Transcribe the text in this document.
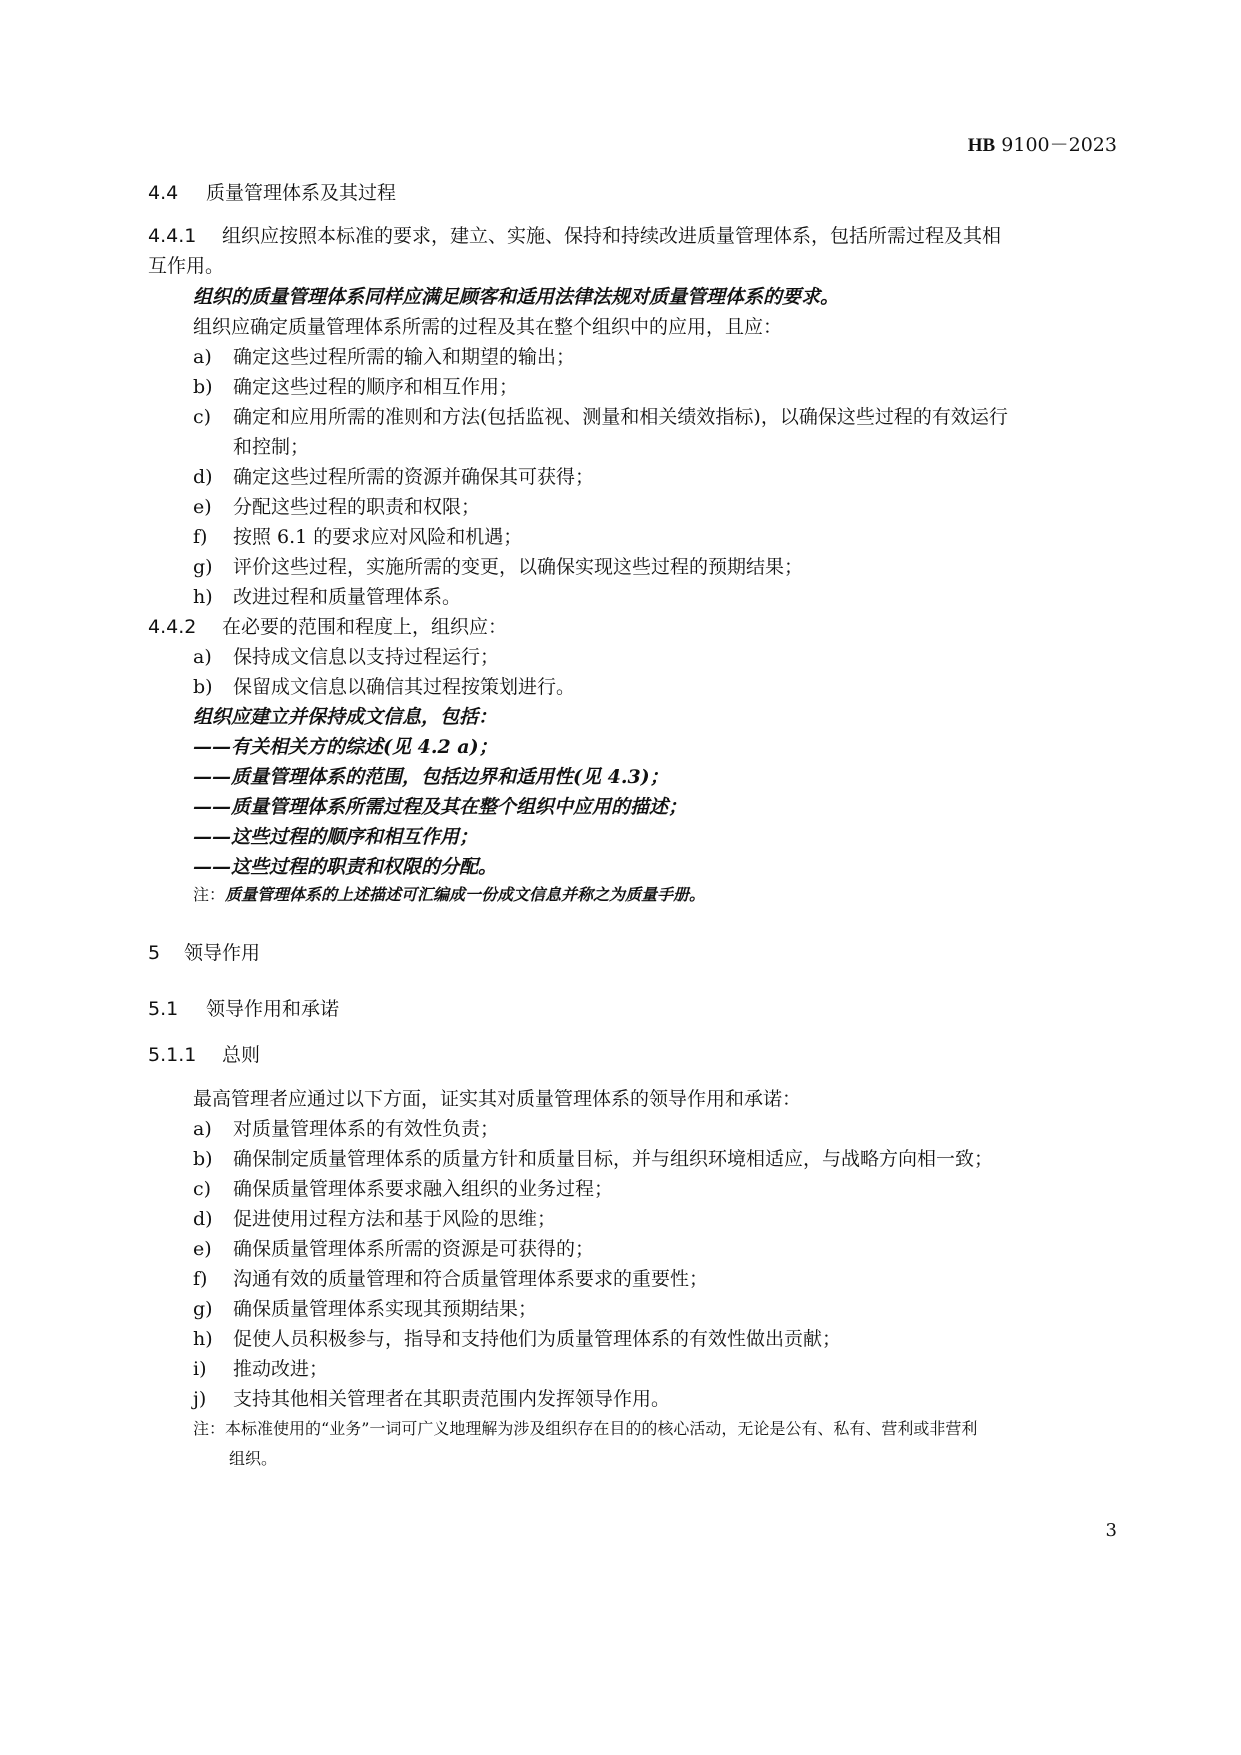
HB 9100－2023
4.4 质量管理体系及其过程
4.4.1 组织应按照本标准的要求，建立、实施、保持和持续改进质量管理体系，包括所需过程及其相
互作用。
组织的质量管理体系同样应满足顾客和适用法律法规对质量管理体系的要求。
组织应确定质量管理体系所需的过程及其在整个组织中的应用，且应：
a) 确定这些过程所需的输入和期望的输出；
b) 确定这些过程的顺序和相互作用；
c) 确定和应用所需的准则和方法(包括监视、测量和相关绩效指标)，以确保这些过程的有效运行
和控制；
d) 确定这些过程所需的资源并确保其可获得；
e) 分配这些过程的职责和权限；
f) 按照 6.1 的要求应对风险和机遇；
g) 评价这些过程，实施所需的变更，以确保实现这些过程的预期结果；
h) 改进过程和质量管理体系。
4.4.2 在必要的范围和程度上，组织应：
a) 保持成文信息以支持过程运行；
b) 保留成文信息以确信其过程按策划进行。
组织应建立并保持成文信息，包括：
——有关相关方的综述(见 4.2 a)；
——质量管理体系的范围，包括边界和适用性(见 4.3)；
——质量管理体系所需过程及其在整个组织中应用的描述；
——这些过程的顺序和相互作用；
——这些过程的职责和权限的分配。
注：质量管理体系的上述描述可汇编成一份成文信息并称之为质量手册。
5 领导作用
5.1 领导作用和承诺
5.1.1 总则
最高管理者应通过以下方面，证实其对质量管理体系的领导作用和承诺：
a) 对质量管理体系的有效性负责；
b) 确保制定质量管理体系的质量方针和质量目标，并与组织环境相适应，与战略方向相一致；
c) 确保质量管理体系要求融入组织的业务过程；
d) 促进使用过程方法和基于风险的思维；
e) 确保质量管理体系所需的资源是可获得的；
f) 沟通有效的质量管理和符合质量管理体系要求的重要性；
g) 确保质量管理体系实现其预期结果；
h) 促使人员积极参与，指导和支持他们为质量管理体系的有效性做出贡献；
i) 推动改进；
j) 支持其他相关管理者在其职责范围内发挥领导作用。
注：本标准使用的“业务”一词可广义地理解为涉及组织存在目的的核心活动，无论是公有、私有、营利或非营利
组织。
3
